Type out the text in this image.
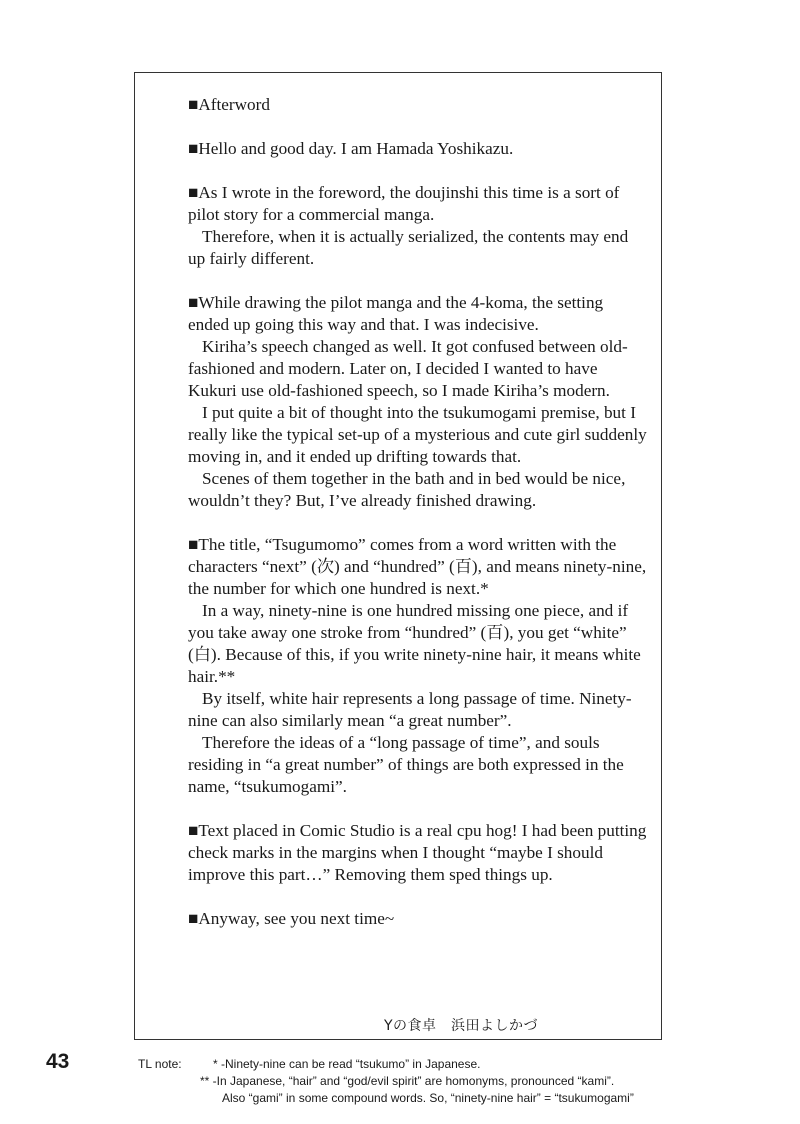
■Afterword

■Hello and good day. I am Hamada Yoshikazu.

■As I wrote in the foreword, the doujinshi this time is a sort of pilot story for a commercial manga.

Therefore, when it is actually serialized, the contents may end up fairly different.

■While drawing the pilot manga and the 4-koma, the setting ended up going this way and that. I was indecisive.

Kiriha’s speech changed as well. It got confused between old-fashioned and modern. Later on, I decided I wanted to have Kukuri use old-fashioned speech, so I made Kiriha’s modern.

I put quite a bit of thought into the tsukumogami premise, but I really like the typical set-up of a mysterious and cute girl suddenly moving in, and it ended up drifting towards that.

Scenes of them together in the bath and in bed would be nice, wouldn’t they? But, I’ve already finished drawing.

■The title, “Tsugumomo” comes from a word written with the characters “next” (次) and “hundred” (百), and means ninety-nine, the number for which one hundred is next.*

In a way, ninety-nine is one hundred missing one piece, and if you take away one stroke from “hundred” (百), you get “white” (白). Because of this, if you write ninety-nine hair, it means white hair.**

By itself, white hair represents a long passage of time. Ninety-nine can also similarly mean “a great number”.

Therefore the ideas of a “long passage of time”, and souls residing in “a great number” of things are both expressed in the name, “tsukumogami”.

■Text placed in Comic Studio is a real cpu hog! I had been putting check marks in the margins when I thought “maybe I should improve this part…” Removing them sped things up.

■Anyway, see you next time~

Yの食卓　浜田よしかづ
43	TL note:	* -Ninety-nine can be read “tsukumo” in Japanese.
** -In Japanese, “hair” and “god/evil spirit” are homonyms, pronounced “kami”.
Also “gami” in some compound words. So, “ninety-nine hair” = “tsukumogami”
